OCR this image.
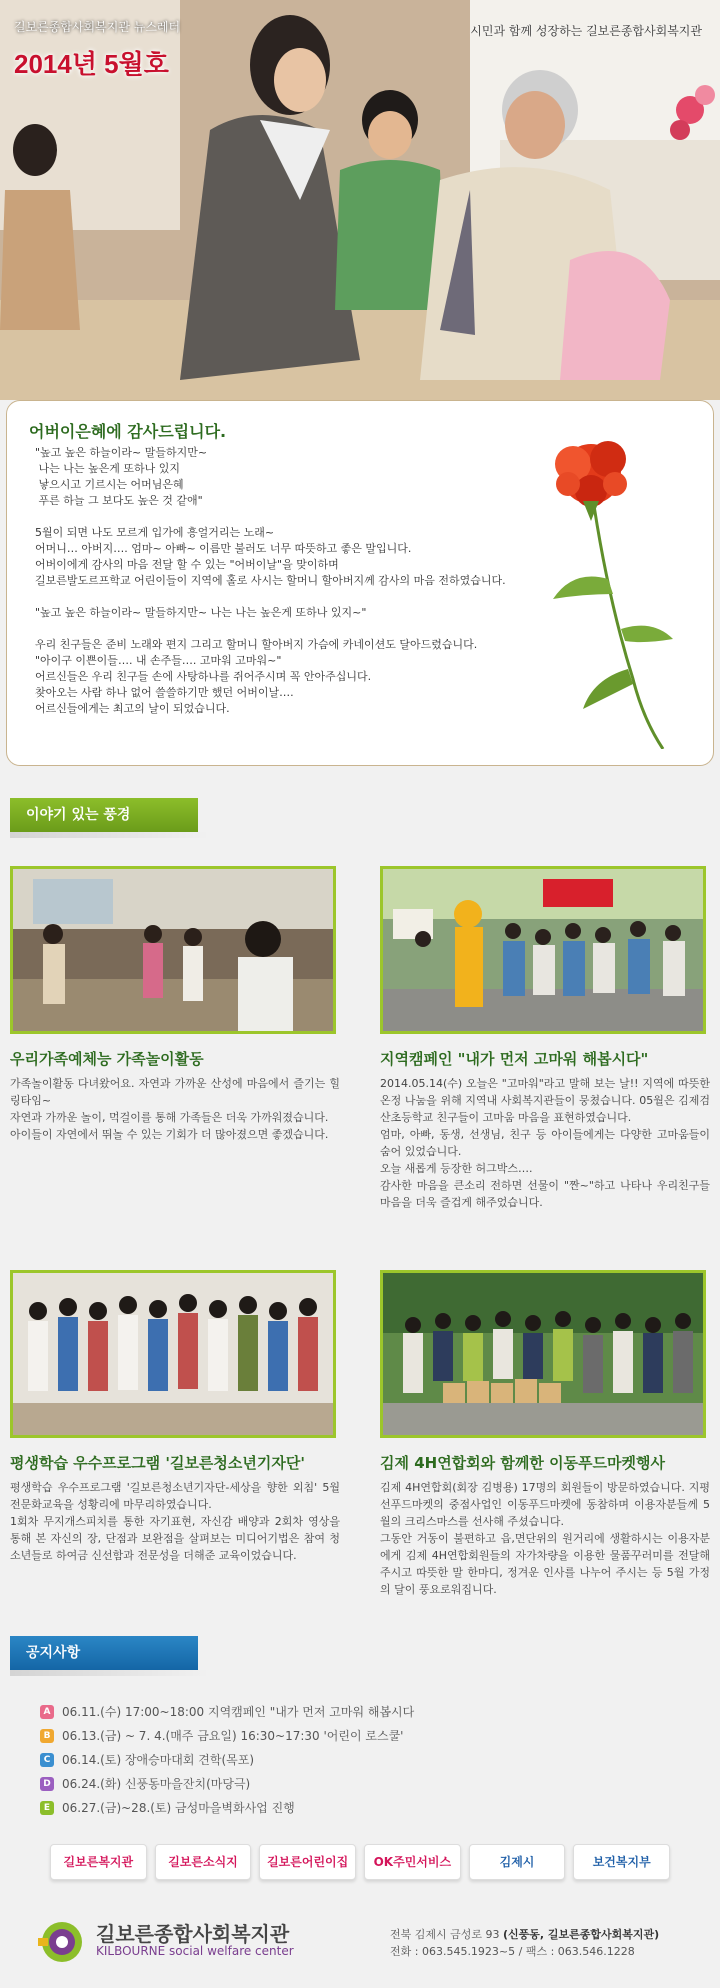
길보른종합사회복지관 뉴스레터
2014년 5월호
시민과 함께 성장하는 길보른종합사회복지관
어버이은혜에 감사드립니다.

"높고 높은 하늘이라~ 말들하지만~
나는 나는 높은게 또하나 있지
낳으시고 기르시는 어머님은혜
푸른 하늘 그 보다도 높은 것 같애"

5월이 되면 나도 모르게 입가에 흥얼거리는 노래~
어머니… 아버지…. 엄마~ 아빠~ 이름만 불러도 너무 따뜻하고 좋은 말입니다.
어버이에게 감사의 마음 전달 할 수 있는 "어버이날"을 맞이하며
길보른발도르프학교 어린이들이 지역에 홀로 사시는 할머니 할아버지께 감사의 마음 전하였습니다.

"높고 높은 하늘이라~ 말들하지만~ 나는 나는 높은게 또하나 있지~"

우리 친구들은 준비 노래와 편지 그리고 할머니 할아버지 가슴에 카네이션도 달아드렸습니다.
"아이구 이쁜이들…. 내 손주들…. 고마워 고마워~"
어르신들은 우리 친구들 손에 사탕하나를 쥐어주시며 꼭 안아주십니다.
찾아오는 사람 하나 없어 쓸쓸하기만 했던 어버이날….
어르신들에게는 최고의 날이 되었습니다.

이야기 있는 풍경
우리가족예체능 가족놀이활동

가족놀이활동 다녀왔어요. 자연과 가까운 산성에 마음에서 즐기는 힐링타임~

자연과 가까운 놀이, 먹걸이를 통해 가족들은 더욱 가까워졌습니다.

아이들이 자연에서 뛰놀 수 있는 기회가 더 많아졌으면 좋겠습니다.

지역캠페인 "내가 먼저 고마워 해봅시다"

2014.05.14(수) 오늘은 "고마워"라고 말해 보는 날!! 지역에 따뜻한 온정 나눔을 위해 지역내 사회복지관들이 뭉쳤습니다. 05월은 김제검산초등학교 친구들이 고마움 마음을 표현하였습니다.

엄마, 아빠, 동생, 선생님, 친구 등 아이들에게는 다양한 고마움들이 숨어 있었습니다.

오늘 새롭게 등장한 허그박스….

감사한 마음을 큰소리 전하면 선물이 "짠~"하고 나타나 우리친구들 마음을 더욱 즐겁게 해주었습니다.

평생학습 우수프로그램 '길보른청소년기자단'

평생학습 우수프로그램 '길보른청소년기자단-세상을 향한 외침' 5월 전문화교육을 성황리에 마무리하였습니다.

1회차 무지개스피치를 통한 자기표현, 자신감 배양과 2회차 영상을 통해 본 자신의 장, 단점과 보완점을 살펴보는 미디어기법은 참여 청소년들로 하여금 신선함과 전문성을 더해준 교육이었습니다.

김제 4H연합회와 함께한 이동푸드마켓행사

김제 4H연합회(회장 김병용) 17명의 회원들이 방문하였습니다. 지평선푸드마켓의 중점사업인 이동푸드마켓에 동참하며 이용자분들께 5월의 크리스마스를 선사해 주셨습니다.

그동안 거동이 불편하고 읍,면단위의 원거리에 생활하시는 이용자분에게 김제 4H연합회원들의 자가차량을 이용한 물품꾸러미를 전달해 주시고 따뜻한 말 한마디, 정겨운 인사를 나누어 주시는 등 5월 가정의 달이 풍요로워집니다.

공지사항
A 06.11.(수) 17:00~18:00 지역캠페인 "내가 먼저 고마워 해봅시다
B 06.13.(금) ~ 7. 4.(매주 금요일) 16:30~17:30 '어린이 로스쿨'
C 06.14.(토) 장애승마대회 견학(목포)
D 06.24.(화) 신풍동마을잔치(마당극)
E 06.27.(금)~28.(토) 금성마을벽화사업 진행
길보른복지관	길보른소식지	길보른어린이집	OK주민서비스	김제시	보건복지부
길보른종합사회복지관
KILBOURNE social welfare center
전북 김제시 금성로 93 (신풍동, 길보른종합사회복지관)
전화 : 063.545.1923~5 / 팩스 : 063.546.1228
